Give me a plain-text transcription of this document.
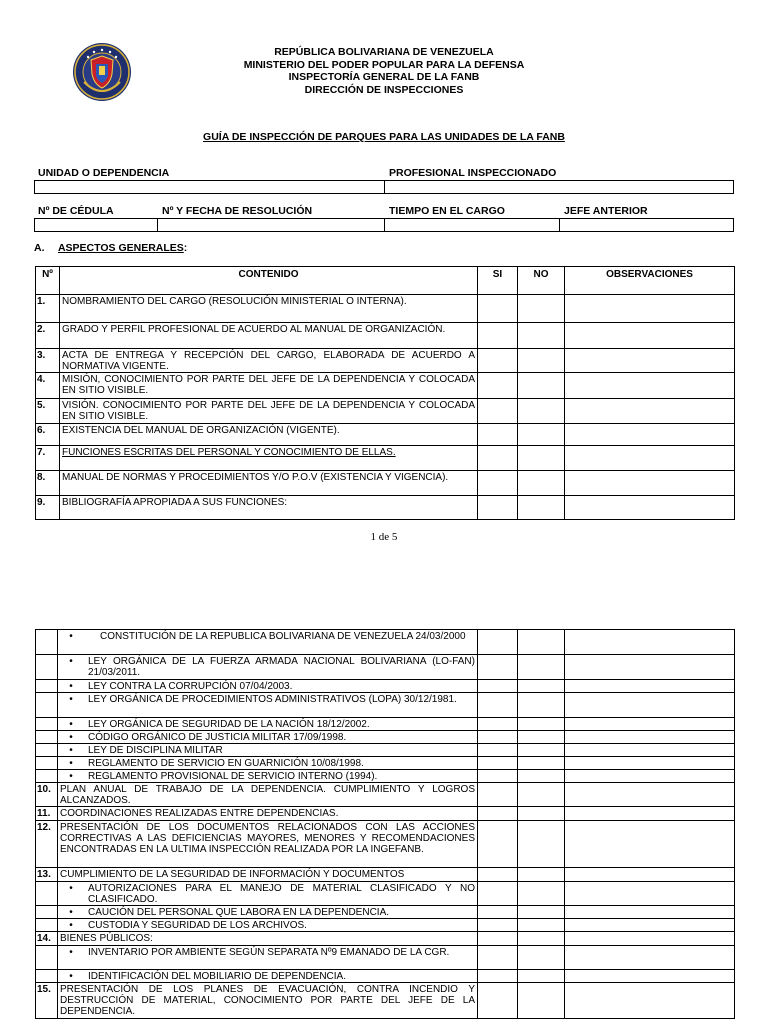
REPÚBLICA BOLIVARIANA DE VENEZUELA
MINISTERIO DEL PODER POPULAR PARA LA DEFENSA
INSPECTORÍA GENERAL DE LA FANB
DIRECCIÓN DE INSPECCIONES
GUÍA DE INSPECCIÓN DE PARQUES PARA LAS UNIDADES DE LA FANB
UNIDAD O DEPENDENCIA	PROFESIONAL INSPECCIONADO
Nº DE CÉDULA	Nº Y FECHA DE RESOLUCIÓN	TIEMPO EN EL CARGO	JEFE ANTERIOR
A. ASPECTOS GENERALES:
Nº	CONTENIDO	SI	NO	OBSERVACIONES
1.	NOMBRAMIENTO DEL CARGO (RESOLUCIÓN MINISTERIAL O INTERNA).			
2.	GRADO Y PERFIL PROFESIONAL DE ACUERDO AL MANUAL DE ORGANIZACIÓN.			
3.	ACTA DE ENTREGA Y RECEPCIÓN DEL CARGO, ELABORADA DE ACUERDO A NORMATIVA VIGENTE.			
4.	MISIÓN, CONOCIMIENTO POR PARTE DEL JEFE DE LA DEPENDENCIA Y COLOCADA EN SITIO VISIBLE.			
5.	VISIÓN. CONOCIMIENTO POR PARTE DEL JEFE DE LA DEPENDENCIA Y COLOCADA EN SITIO VISIBLE.			
6.	EXISTENCIA DEL MANUAL DE ORGANIZACIÓN (VIGENTE).			
7.	FUNCIONES ESCRITAS DEL PERSONAL Y CONOCIMIENTO DE ELLAS.			
8.	MANUAL DE NORMAS Y PROCEDIMIENTOS Y/O P.O.V (EXISTENCIA Y VIGENCIA).			
9.	BIBLIOGRAFÍA APROPIADA A SUS FUNCIONES:			
1 de 5

	• CONSTITUCIÓN DE LA REPUBLICA BOLIVARIANA DE VENEZUELA 24/03/2000			

	• LEY ORGÁNICA DE LA FUERZA ARMADA NACIONAL BOLIVARIANA (LO-FAN) 21/03/2011.			

	• LEY CONTRA LA CORRUPCIÓN 07/04/2003.			

	• LEY ORGÁNICA DE PROCEDIMIENTOS ADMINISTRATIVOS (LOPA) 30/12/1981.			

	• LEY ORGÁNICA DE SEGURIDAD DE LA NACIÓN 18/12/2002.			

	• CÓDIGO ORGÁNICO DE JUSTICIA MILITAR 17/09/1998.			

	• LEY DE DISCIPLINA MILITAR			

	• REGLAMENTO DE SERVICIO EN GUARNICIÓN 10/08/1998.			

	• REGLAMENTO PROVISIONAL DE SERVICIO INTERNO (1994).			

10.	PLAN ANUAL DE TRABAJO DE LA DEPENDENCIA. CUMPLIMIENTO Y LOGROS ALCANZADOS.			
11.	COORDINACIONES REALIZADAS ENTRE DEPENDENCIAS.			
12.	PRESENTACIÓN DE LOS DOCUMENTOS RELACIONADOS CON LAS ACCIONES CORRECTIVAS A LAS DEFICIENCIAS MAYORES, MENORES Y RECOMENDACIONES ENCONTRADAS EN LA ULTIMA INSPECCIÓN REALIZADA POR LA INGEFANB.			
13.	CUMPLIMIENTO DE LA SEGURIDAD DE INFORMACIÓN Y DOCUMENTOS			

	• AUTORIZACIONES PARA EL MANEJO DE MATERIAL CLASIFICADO Y NO CLASIFICADO.			

	• CAUCIÓN DEL PERSONAL QUE LABORA EN LA DEPENDENCIA.			

	• CUSTODIA Y SEGURIDAD DE LOS ARCHIVOS.			

14.	BIENES PÚBLICOS:			

	• INVENTARIO POR AMBIENTE SEGÚN SEPARATA Nº9 EMANADO DE LA CGR.			

	• IDENTIFICACIÓN DEL MOBILIARIO DE DEPENDENCIA.			

15.	PRESENTACIÓN DE LOS PLANES DE EVACUACIÓN, CONTRA INCENDIO Y DESTRUCCIÓN DE MATERIAL, CONOCIMIENTO POR PARTE DEL JEFE DE LA DEPENDENCIA.			
